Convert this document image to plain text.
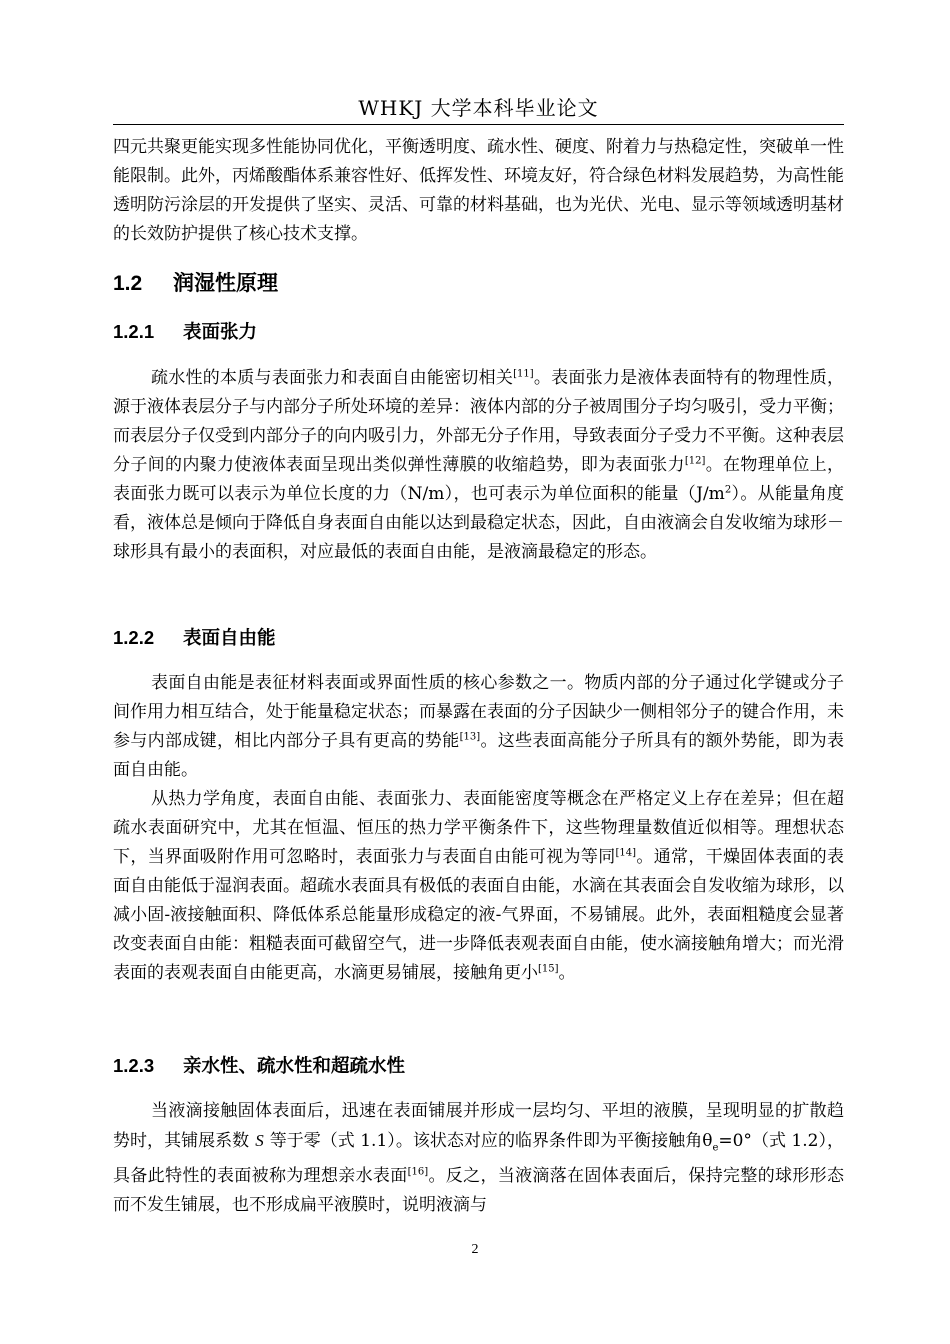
WHKJ 大学本科毕业论文

四元共聚更能实现多性能协同优化，平衡透明度、疏水性、硬度、附着力与热稳定性，突破单一性能限制。此外，丙烯酸酯体系兼容性好、低挥发性、环境友好，符合绿色材料发展趋势，为高性能透明防污涂层的开发提供了坚实、灵活、可靠的材料基础，也为光伏、光电、显示等领域透明基材的长效防护提供了核心技术支撑。

1.2 润湿性原理
1.2.1 表面张力

疏水性的本质与表面张力和表面自由能密切相关[11]。表面张力是液体表面特有的物理性质，源于液体表层分子与内部分子所处环境的差异：液体内部的分子被周围分子均匀吸引，受力平衡；而表层分子仅受到内部分子的向内吸引力，外部无分子作用，导致表面分子受力不平衡。这种表层分子间的内聚力使液体表面呈现出类似弹性薄膜的收缩趋势，即为表面张力[12]。在物理单位上，表面张力既可以表示为单位长度的力（N/m），也可表示为单位面积的能量$(J/m^2)$。从能量角度看，液体总是倾向于降低自身表面自由能以达到最稳定状态，因此，自由液滴会自发收缩为球形－球形具有最小的表面积，对应最低的表面自由能，是液滴最稳定的形态。

1.2.2 表面自由能

表面自由能是表征材料表面或界面性质的核心参数之一。物质内部的分子通过化学键或分子间作用力相互结合，处于能量稳定状态；而暴露在表面的分子因缺少一侧相邻分子的键合作用，未参与内部成键，相比内部分子具有更高的势能[13]。这些表面高能分子所具有的额外势能，即为表面自由能。

从热力学角度，表面自由能、表面张力、表面能密度等概念在严格定义上存在差异；但在超疏水表面研究中，尤其在恒温、恒压的热力学平衡条件下，这些物理量数值近似相等。理想状态下，当界面吸附作用可忽略时，表面张力与表面自由能可视为等同[14]。通常，干燥固体表面的表面自由能低于湿润表面。超疏水表面具有极低的表面自由能，水滴在其表面会自发收缩为球形，以减小固-液接触面积、降低体系总能量形成稳定的液-气界面，不易铺展。此外，表面粗糙度会显著改变表面自由能：粗糙表面可截留空气，进一步降低表观表面自由能，使水滴接触角增大；而光滑表面的表观表面自由能更高，水滴更易铺展，接触角更小[15]。

1.2.3 亲水性、疏水性和超疏水性

当液滴接触固体表面后，迅速在表面铺展并形成一层均匀、平坦的液膜，呈现明显的扩散趋势时，其铺展系数 S 等于零（式 1.1）。该状态对应的临界条件即为平衡接触角$\theta_e=0^\circ$（式 1.2），具备此特性的表面被称为理想亲水表面[16]。反之，当液滴落在固体表面后，保持完整的球形形态而不发生铺展，也不形成扁平液膜时，说明液滴与

2
